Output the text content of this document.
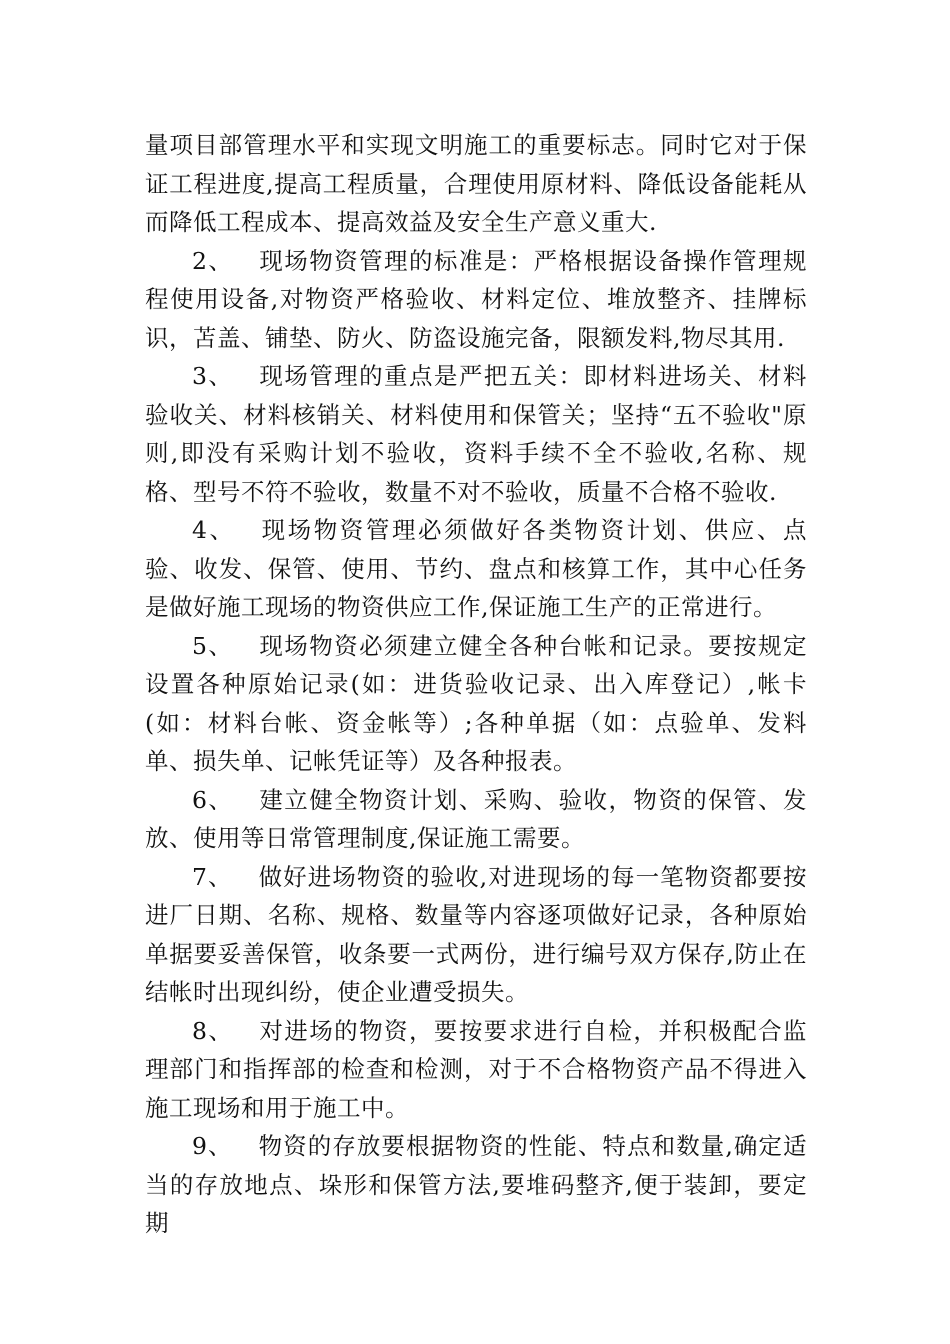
量项目部管理水平和实现文明施工的重要标志。同时它对于保证工程进度,提高工程质量，合理使用原材料、降低设备能耗从而降低工程成本、提高效益及安全生产意义重大.

2、 现场物资管理的标准是：严格根据设备操作管理规程使用设备,对物资严格验收、材料定位、堆放整齐、挂牌标识，苫盖、铺垫、防火、防盗设施完备，限额发料,物尽其用.

3、 现场管理的重点是严把五关：即材料进场关、材料验收关、材料核销关、材料使用和保管关；坚持“五不验收"原则,即没有采购计划不验收，资料手续不全不验收,名称、规格、型号不符不验收，数量不对不验收，质量不合格不验收.

4、 现场物资管理必须做好各类物资计划、供应、点验、收发、保管、使用、节约、盘点和核算工作，其中心任务是做好施工现场的物资供应工作,保证施工生产的正常进行。

5、 现场物资必须建立健全各种台帐和记录。要按规定设置各种原始记录(如：进货验收记录、出入库登记）,帐卡(如：材料台帐、资金帐等）;各种单据（如：点验单、发料单、损失单、记帐凭证等）及各种报表。

6、 建立健全物资计划、采购、验收，物资的保管、发放、使用等日常管理制度,保证施工需要。

7、 做好进场物资的验收,对进现场的每一笔物资都要按进厂日期、名称、规格、数量等内容逐项做好记录，各种原始单据要妥善保管，收条要一式两份，进行编号双方保存,防止在结帐时出现纠纷，使企业遭受损失。

8、 对进场的物资，要按要求进行自检，并积极配合监理部门和指挥部的检查和检测，对于不合格物资产品不得进入施工现场和用于施工中。

9、 物资的存放要根据物资的性能、特点和数量,确定适当的存放地点、垛形和保管方法,要堆码整齐,便于装卸，要定期
